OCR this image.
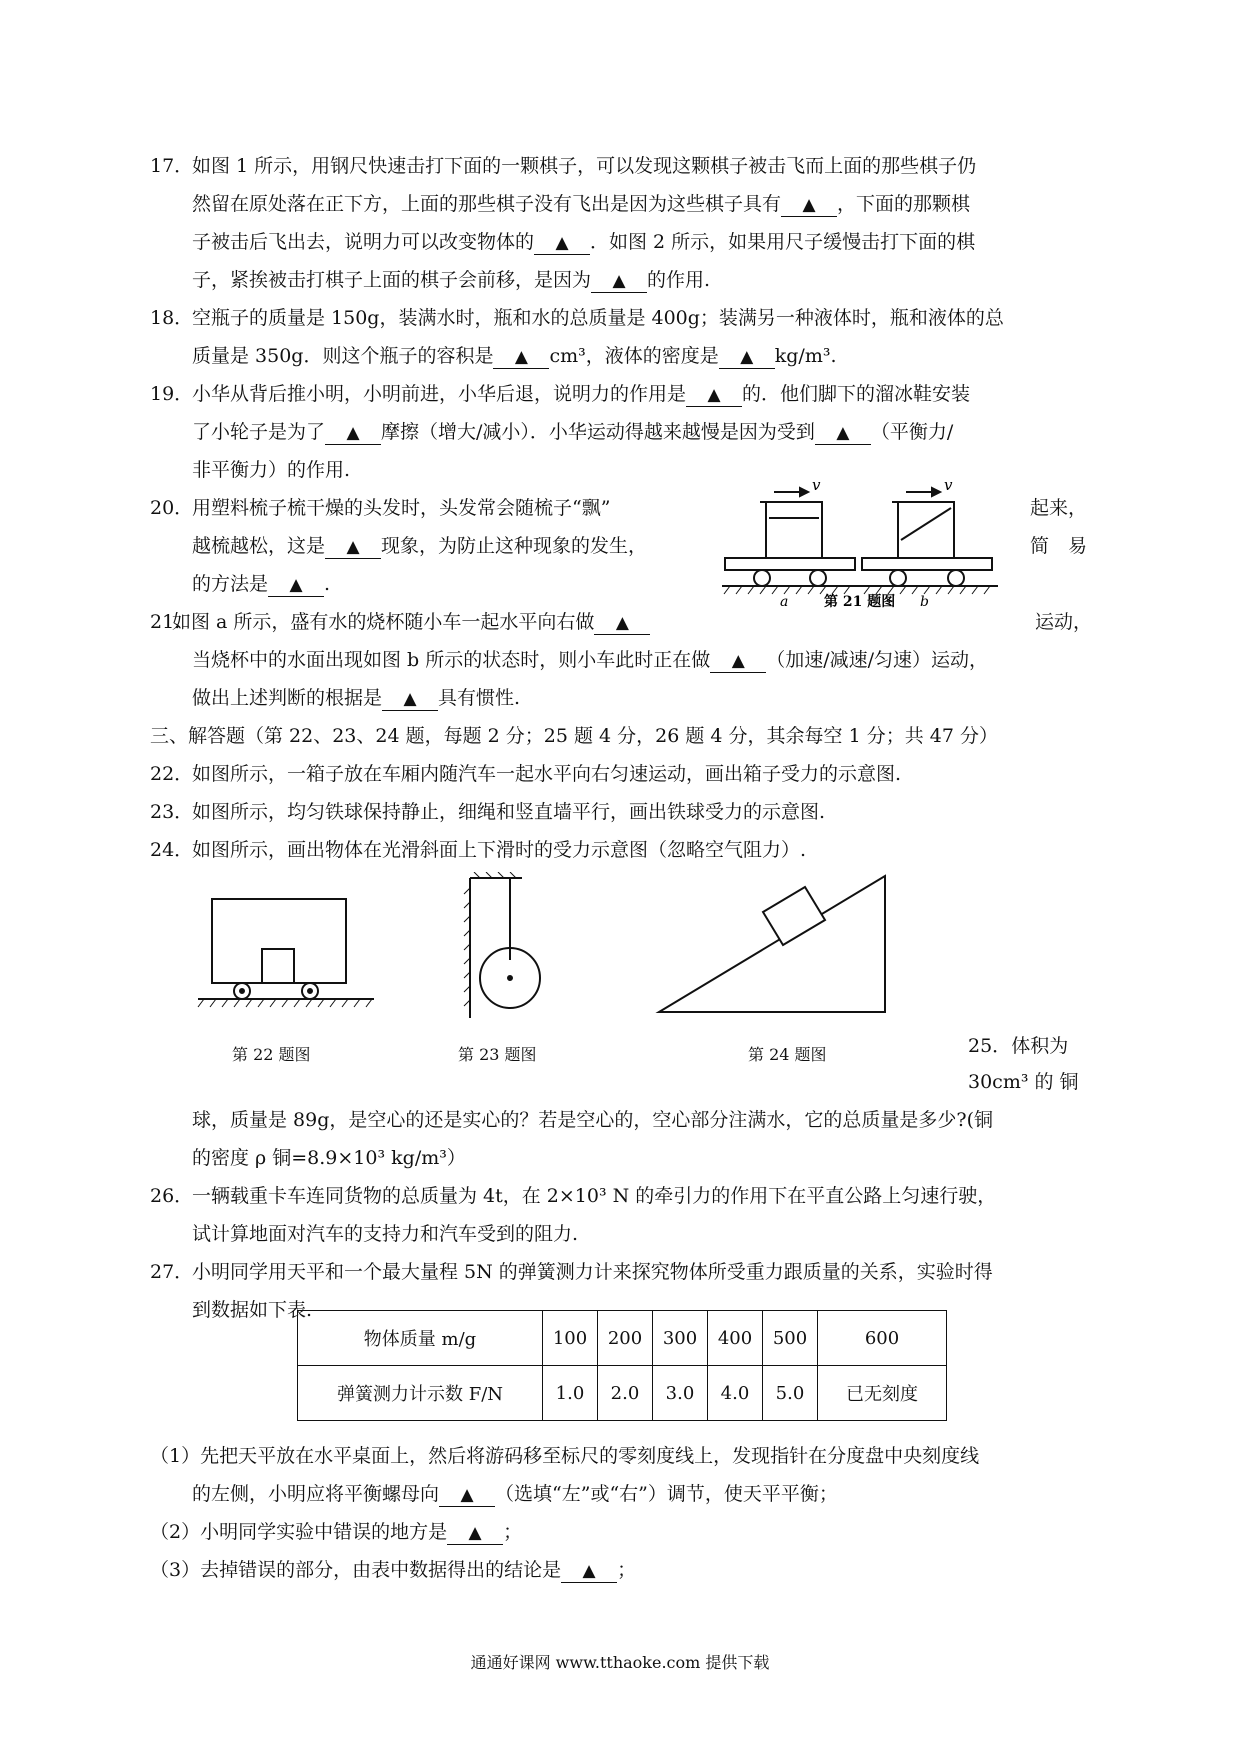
17．
如图 1 所示，用钢尺快速击打下面的一颗棋子，可以发现这颗棋子被击飞而上面的那些棋子仍
然留在原处落在正下方，上面的那些棋子没有飞出是因为这些棋子具有 ▲ ，下面的那颗棋
子被击后飞出去，说明力可以改变物体的 ▲ ．如图 2 所示，如果用尺子缓慢击打下面的棋
子，紧挨被击打棋子上面的棋子会前移，是因为 ▲ 的作用.
18．
空瓶子的质量是 150g，装满水时，瓶和水的总质量是 400g；装满另一种液体时，瓶和液体的总
质量是 350g．则这个瓶子的容积是 ▲ cm³，液体的密度是 ▲ kg/m³.
19．
小华从背后推小明，小明前进，小华后退，说明力的作用是 ▲ 的．他们脚下的溜冰鞋安装
了小轮子是为了 ▲ 摩擦（增大/减小）．小华运动得越来越慢是因为受到 ▲ （平衡力/
非平衡力）的作用.
20．
用塑料梳子梳干燥的头发时，头发常会随梳子“飘”	起来，
越梳越松，这是 ▲ 现象，为防止这种现象的发生，	简　易
的方法是 ▲ .
v	v
a	第 21 题图 b
21.
如图 a 所示，盛有水的烧杯随小车一起水平向右做 ▲	运动，
当烧杯中的水面出现如图 b 所示的状态时，则小车此时正在做 ▲ （加速/减速/匀速）运动，
做出上述判断的根据是 ▲ 具有惯性.
三、解答题（第 22、23、24 题，每题 2 分；25 题 4 分，26 题 4 分，其余每空 1 分；共 47 分）
22．
如图所示，一箱子放在车厢内随汽车一起水平向右匀速运动，画出箱子受力的示意图.
23．
如图所示，均匀铁球保持静止，细绳和竖直墙平行，画出铁球受力的示意图.
24．
如图所示，画出物体在光滑斜面上下滑时的受力示意图（忽略空气阻力）.
第 22 题图	第 23 题图	第 24 题图	25．体积为
30cm³ 的 铜
球，质量是 89g，是空心的还是实心的？若是空心的，空心部分注满水，它的总质量是多少?(铜
的密度 ρ 铜=8.9×10³ kg/m³）
26．
一辆载重卡车连同货物的总质量为 4t，在 2×10³ N 的牵引力的作用下在平直公路上匀速行驶，
试计算地面对汽车的支持力和汽车受到的阻力.
27．
小明同学用天平和一个最大量程 5N 的弹簧测力计来探究物体所受重力跟质量的关系，实验时得
到数据如下表.
物体质量 m/g	100	200	300	400	500	600
弹簧测力计示数 F/N	1.0	2.0	3.0	4.0	5.0	已无刻度
（1）先把天平放在水平桌面上，然后将游码移至标尺的零刻度线上，发现指针在分度盘中央刻度线
的左侧，小明应将平衡螺母向 ▲ （选填“左”或“右”）调节，使天平平衡；
（2）小明同学实验中错误的地方是 ▲ ；
（3）去掉错误的部分，由表中数据得出的结论是 ▲ ；
通通好课网 www.tthaoke.com 提供下载
